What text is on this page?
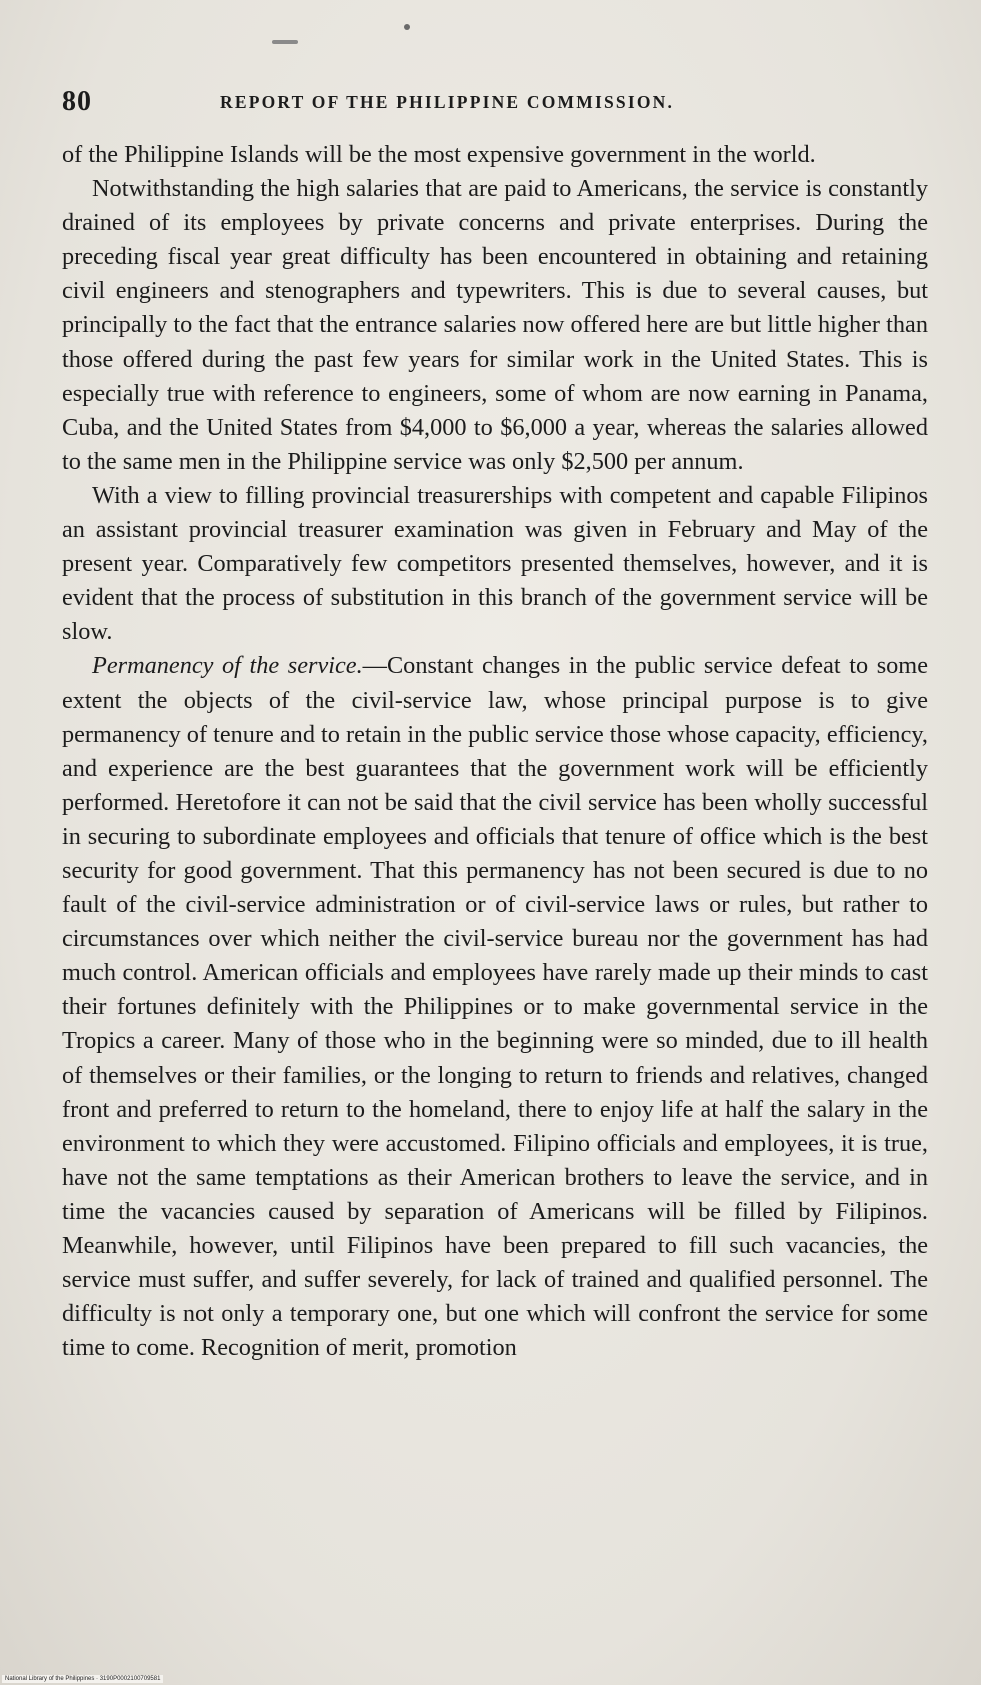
80	REPORT OF THE PHILIPPINE COMMISSION.

of the Philippine Islands will be the most expensive government in the world.

Notwithstanding the high salaries that are paid to Americans, the service is constantly drained of its employees by private concerns and private enterprises. During the preceding fiscal year great difficulty has been encountered in obtaining and retaining civil engineers and stenographers and typewriters. This is due to several causes, but principally to the fact that the entrance salaries now offered here are but little higher than those offered during the past few years for similar work in the United States. This is especially true with reference to engineers, some of whom are now earning in Panama, Cuba, and the United States from $4,000 to $6,000 a year, whereas the salaries allowed to the same men in the Philippine service was only $2,500 per annum.

With a view to filling provincial treasurerships with competent and capable Filipinos an assistant provincial treasurer examination was given in February and May of the present year. Comparatively few competitors presented themselves, however, and it is evident that the process of substitution in this branch of the government service will be slow.

Permanency of the service.—Constant changes in the public service defeat to some extent the objects of the civil-service law, whose principal purpose is to give permanency of tenure and to retain in the public service those whose capacity, efficiency, and experience are the best guarantees that the government work will be efficiently performed. Heretofore it can not be said that the civil service has been wholly successful in securing to subordinate employees and officials that tenure of office which is the best security for good government. That this permanency has not been secured is due to no fault of the civil-service administration or of civil-service laws or rules, but rather to circumstances over which neither the civil-service bureau nor the government has had much control. American officials and employees have rarely made up their minds to cast their fortunes definitely with the Philippines or to make governmental service in the Tropics a career. Many of those who in the beginning were so minded, due to ill health of themselves or their families, or the longing to return to friends and relatives, changed front and preferred to return to the homeland, there to enjoy life at half the salary in the environment to which they were accustomed. Filipino officials and employees, it is true, have not the same temptations as their American brothers to leave the service, and in time the vacancies caused by separation of Americans will be filled by Filipinos. Meanwhile, however, until Filipinos have been prepared to fill such vacancies, the service must suffer, and suffer severely, for lack of trained and qualified personnel. The difficulty is not only a temporary one, but one which will confront the service for some time to come. Recognition of merit, promotion

National Library of the Philippines · 3190P0002100709581
